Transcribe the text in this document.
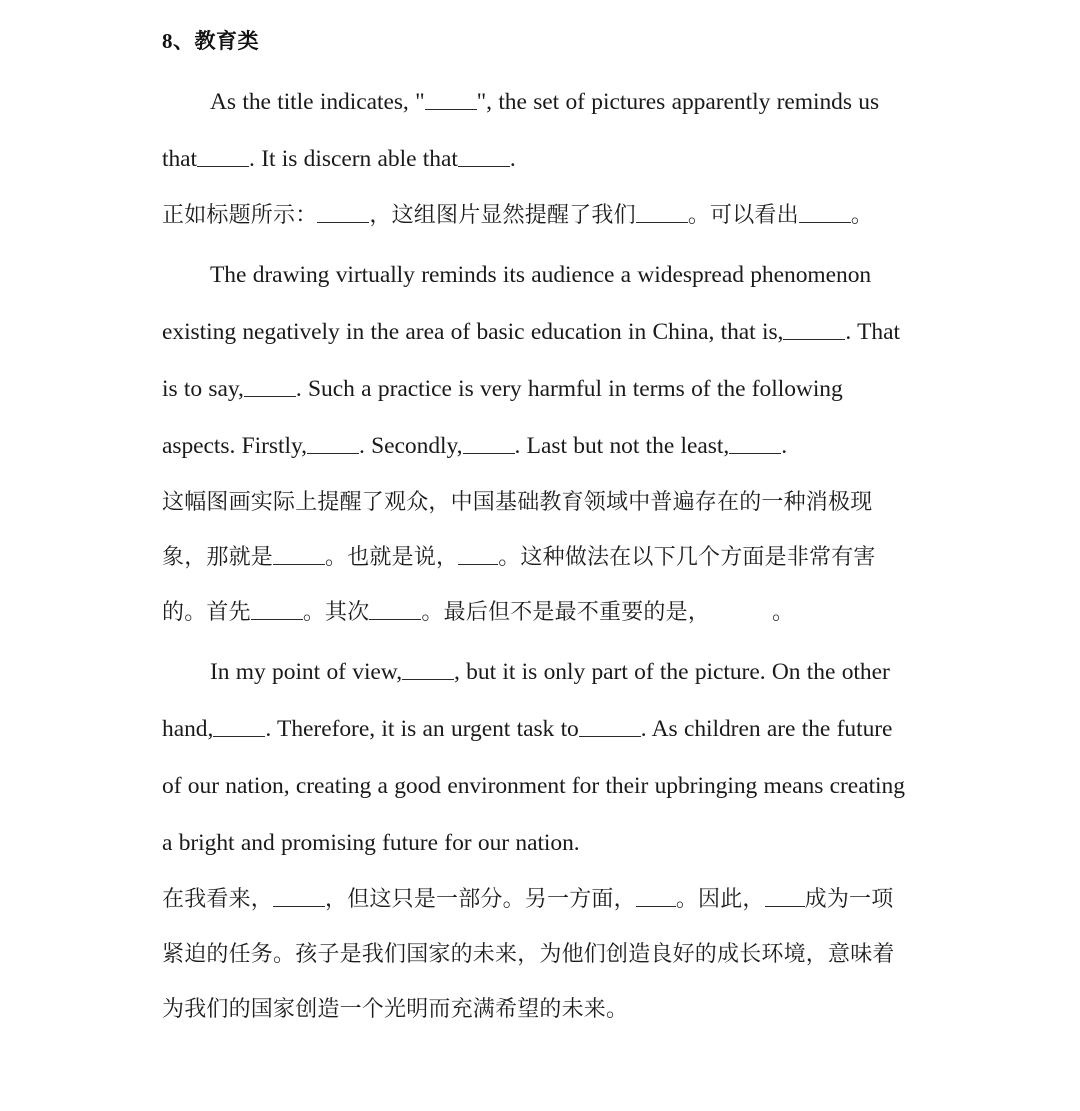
8、教育类

As the title indicates, " ", the set of pictures apparently reminds us that . It is discern able that .

正如标题所示： ，这组图片显然提醒了我们 。可以看出 。

The drawing virtually reminds its audience a widespread phenomenon existing negatively in the area of basic education in China, that is,	. That is to say, . Such a practice is very harmful in terms of the following aspects. Firstly, . Secondly, . Last but not the least, .

这幅图画实际上提醒了观众，中国基础教育领域中普遍存在的一种消极现象，那就是 。也就是说， 。这种做法在以下几个方面是非常有害的。首先 。其次 。最后但不是最不重要的是，	。

In my point of view, , but it is only part of the picture. On the other hand, . Therefore, it is an urgent task to	. As children are the future of our nation, creating a good environment for their upbringing means creating a bright and promising future for our nation.

在我看来， ，但这只是一部分。另一方面， 。因此， 成为一项紧迫的任务。孩子是我们国家的未来，为他们创造良好的成长环境，意味着为我们的国家创造一个光明而充满希望的未来。
